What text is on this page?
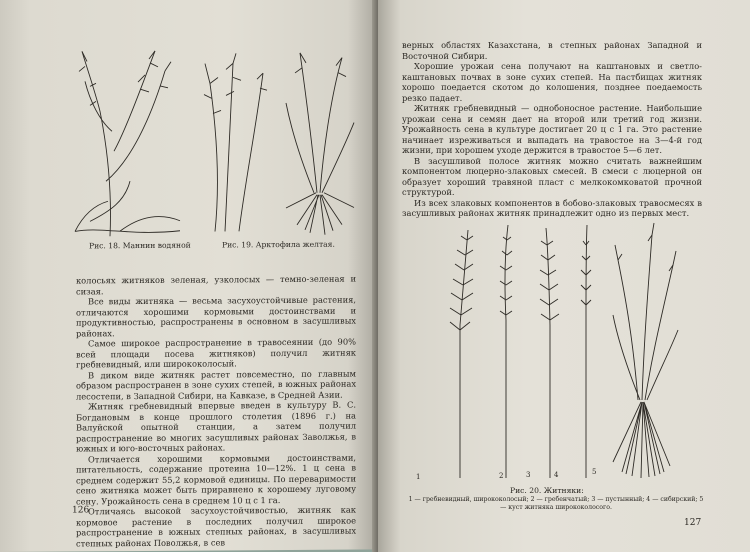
Рис. 18. Маннин водяной	Рис. 19. Арктофила желтая.

колосьях житняков зеленая, узколосых — темно-зеленая и сизая.

Все виды житняка — весьма засухоустойчивые растения, отличаются хорошими кормовыми достоинствами и продуктивностью, распространены в основном в засушливых районах.

Самое широкое распространение в травосеянии (до 90% всей площади посева житняков) получил житняк гребневидный, или ширококолосый.

В диком виде житняк растет повсеместно, по главным образом распространен в зоне сухих степей, в южных районах лесостепи, в Западной Сибири, на Кавказе, в Средней Азии.

Житняк гребневидный впервые введен в культуру В. С. Богдановым в конце прошлого столетия (1896 г.) на Валуйской опытной станции, а затем получил распространение во многих засушливых районах Заволжья, в южных и юго-восточных районах.

Отличается хорошими кормовыми достоинствами, питательность, содержание протеина 10—12%. 1 ц сена в среднем содержит 55,2 кормовой единицы. По переваримости сено житняка может быть приравнено к хорошему луговому сену. Урожайность сена в среднем 10 ц с 1 га.

Отличаясь высокой засухоустойчивостью, житняк как кормовое растение в последних получил широкое распространение в южных степных районах, в засушливых степных районах Поволжья, в сев

126

верных областях Казахстана, в степных районах Западной и Восточной Сибири.

Хорошие урожаи сена получают на каштановых и светло-каштановых почвах в зоне сухих степей. На пастбищах житняк хорошо поедается скотом до колошения, позднее поедаемость резко падает.

Житняк гребневидный — однобоносное растение. Наибольшие урожаи сена и семян дает на второй или третий год жизни. Урожайность сена в культуре достигает 20 ц с 1 га. Это растение начинает изреживаться и выпадать на травостое на 3—4-й год жизни, при хорошем уходе держится в травостое 5—6 лет.

В засушливой полосе житняк можно считать важнейшим компонентом люцерно-злаковых смесей. В смеси с люцерной он образует хороший травяной пласт с мелкокомковатой прочной структурой.

Из всех злаковых компонентов в бобово-злаковых травосмесях в засушливых районах житняк принадлежит одно из первых мест.

1	2	3	4	5
Рис. 20. Житняки:
1 — гребневидный, ширококолосый; 2 — гребенчатый; 3 — пустынный; 4 — сибирский; 5 — куст житняка ширококолосого.
127
